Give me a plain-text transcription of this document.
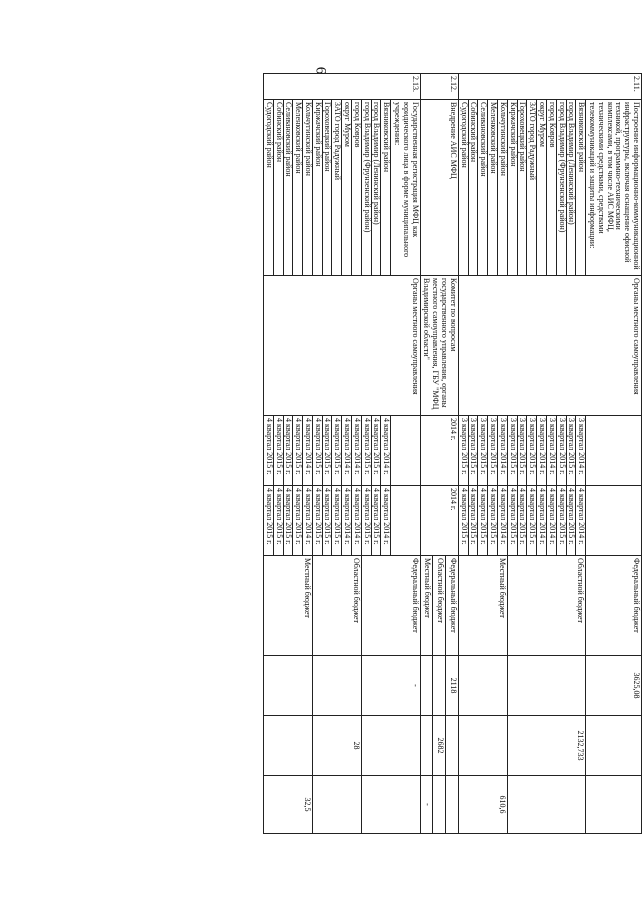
6
2.11.	Построение информационно-коммуникационной инфраструктуры, включая оснащение офисной техникой, программно-техническими комплексами, в том числе АИС МФЦ, техническими средствами, средствами телекоммуникаций и защиты информации:	Органы местного самоуправления			Федеральный бюджет	3625,08		
	Вязниковский район		3 квартал 2014 г.	4 квартал 2014 г.	Областной бюджет		2132,733	
	город Владимир (Ленинский район)		3 квартал 2015 г.	4 квартал 2015 г.				
	город Владимир (Фрунзенский район)		3 квартал 2015 г.	4 квартал 2015 г.				
	город Ковров		3 квартал 2014 г.	4 квартал 2014 г.				
	округ Муром		3 квартал 2014 г.	4 квартал 2014 г.				
	ЗАТО город Радужный		3 квартал 2015 г.	4 квартал 2015 г.				
	Гороховецкий район		3 квартал 2015 г.	4 квартал 2015 г.				
	Киржачский район		3 квартал 2015 г.	4 квартал 2015 г.				
	Кольчугинский район		3 квартал 2014 г.	4 квартал 2014 г.	Местный бюджет			610,6
	Меленковский район		3 квартал 2015 г.	4 квартал 2015 г.				
	Селивановский район		3 квартал 2015 г.	4 квартал 2015 г.				
	Собинский район		3 квартал 2015 г.	4 квартал 2015 г.				
	Судогодский район		3 квартал 2015 г.	4 квартал 2015 г.				
2.12.	Внедрение АИС МФЦ	Комитет по вопросам государственного управления, органы местного самоуправления, ГБУ "МФЦ Владимирской области"	2014 г.	2014 г.	Федеральный бюджет	2118		
					Областной бюджет		2682	
					Местный бюджет			-
2.13.	Государственная регистрация МФЦ как юридического лица в форме муниципального учреждения:	Органы местного самоуправления			Федеральный бюджет	-		
	Вязниковский район		4 квартал 2014 г.	4 квартал 2014 г.				
	город Владимир (Ленинский район)		4 квартал 2015 г.	4 квартал 2015 г.				
	город Владимир (Фрунзенский район)		4 квартал 2015 г.	4 квартал 2015 г.				
	город Ковров		4 квартал 2014 г.	4 квартал 2014 г.	Областной бюджет		28	
	округ Муром		4 квартал 2014 г.	4 квартал 2014 г.				
	ЗАТО город Радужный		4 квартал 2015 г.	4 квартал 2015 г.				
	Гороховецкий район		4 квартал 2015 г.	4 квартал 2015 г.				
	Киржачский район		4 квартал 2015 г.	4 квартал 2015 г.				
	Кольчугинский район		4 квартал 2014 г.	4 квартал 2014 г.	Местный бюджет			32,5
	Меленковский район		4 квартал 2015 г.	4 квартал 2015 г.				
	Селивановский район		4 квартал 2015 г.	4 квартал 2015 г.				
	Собинский район		4 квартал 2015 г.	4 квартал 2015 г.				
	Судогодский район		4 квартал 2015 г.	4 квартал 2015 г.				
